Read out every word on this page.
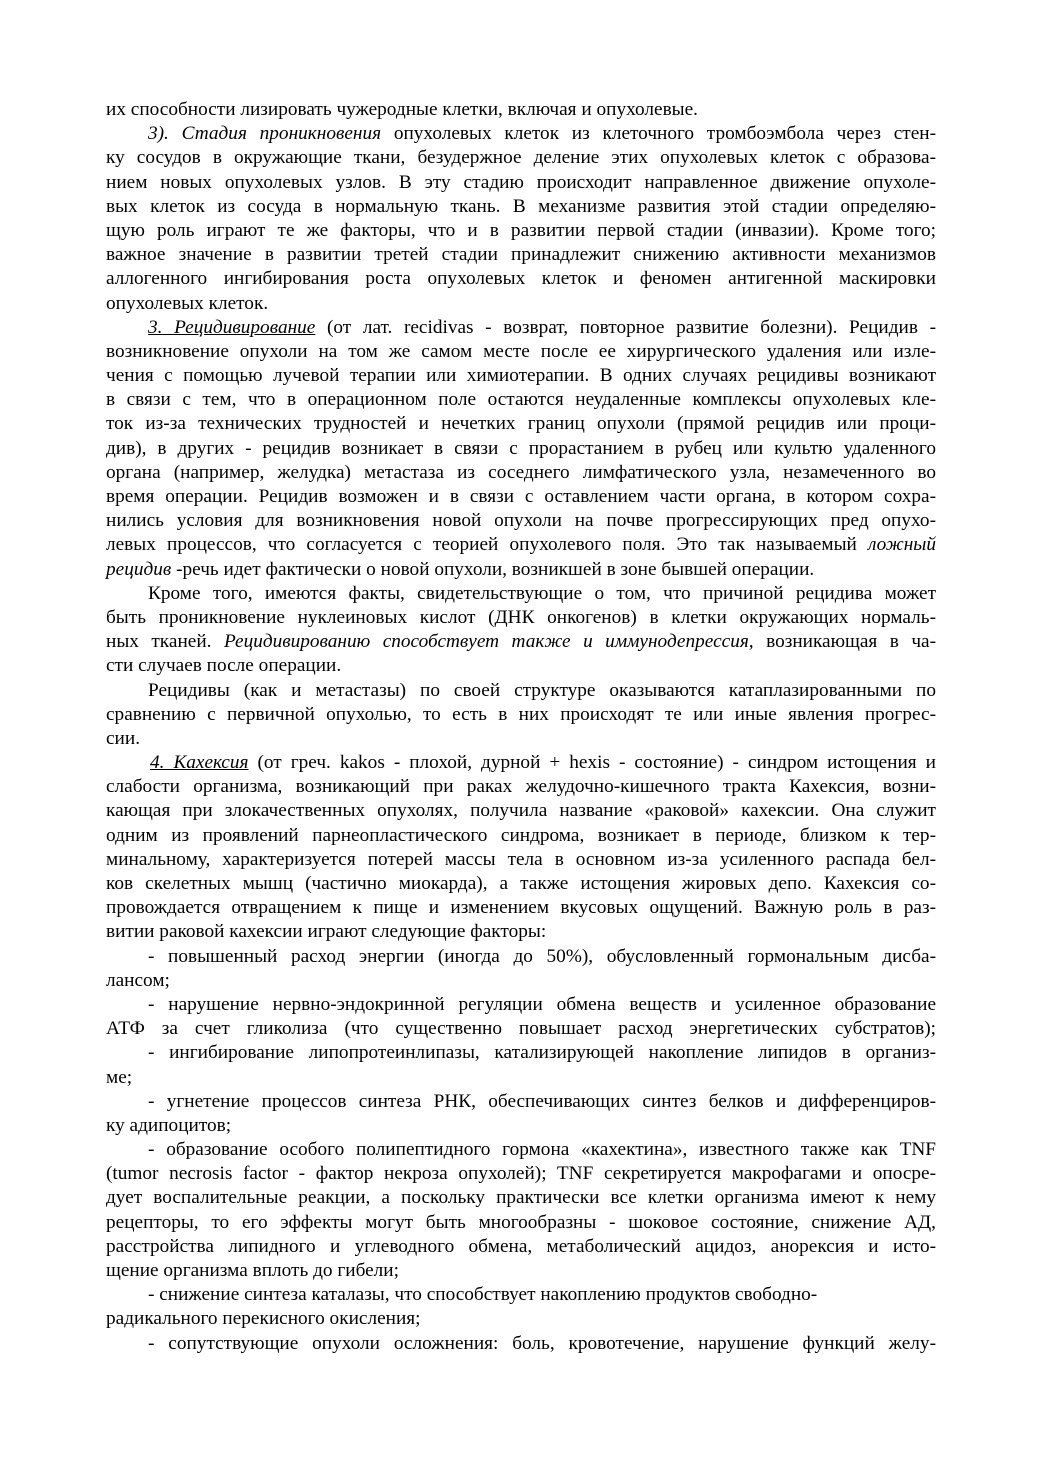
их способности лизировать чужеродные клетки, включая и опухолевые.
3). Стадия проникновения опухолевых клеток из клеточного тромбоэмбола через стен-
ку сосудов в окружающие ткани, безудержное деление этих опухолевых клеток с образова-
нием новых опухолевых узлов. В эту стадию происходит направленное движение опухоле-
вых клеток из сосуда в нормальную ткань. В механизме развития этой стадии определяю-
щую роль играют те же факторы, что и в развитии первой стадии (инвазии). Кроме того;
важное значение в развитии третей стадии принадлежит снижению активности механизмов
аллогенного ингибирования роста опухолевых клеток и феномен антигенной маскировки
опухолевых клеток.
3. Рецидивирование (от лат. recidivas - возврат, повторное развитие болезни). Рецидив -
возникновение опухоли на том же самом месте после ее хирургического удаления или изле-
чения с помощью лучевой терапии или химиотерапии. В одних случаях рецидивы возникают
в связи с тем, что в операционном поле остаются неудаленные комплексы опухолевых кле-
ток из-за технических трудностей и нечетких границ опухоли (прямой рецидив или проци-
див), в других - рецидив возникает в связи с прорастанием в рубец или культю удаленного
органа (например, желудка) метастаза из соседнего лимфатического узла, незамеченного во
время операции. Рецидив возможен и в связи с оставлением части органа, в котором сохра-
нились условия для возникновения новой опухоли на почве прогрессирующих пред опухо-
левых процессов, что согласуется с теорией опухолевого поля. Это так называемый ложный
рецидив -речь идет фактически о новой опухоли, возникшей в зоне бывшей операции.
Кроме того, имеются факты, свидетельствующие о том, что причиной рецидива может
быть проникновение нуклеиновых кислот (ДНК онкогенов) в клетки окружающих нормаль-
ных тканей. Рецидивированию способствует также и иммунодепрессия, возникающая в ча-
сти случаев после операции.
Рецидивы (как и метастазы) по своей структуре оказываются катаплазированными по
сравнению с первичной опухолью, то есть в них происходят те или иные явления прогрес-
сии.
4. Кахексия (от греч. kakos - плохой, дурной + hexis - состояние) - синдром истощения и
слабости организма, возникающий при раках желудочно-кишечного тракта Кахексия, возни-
кающая при злокачественных опухолях, получила название «раковой» кахексии. Она служит
одним из проявлений парнеопластического синдрома, возникает в периоде, близком к тер-
минальному, характеризуется потерей массы тела в основном из-за усиленного распада бел-
ков скелетных мышц (частично миокарда), а также истощения жировых депо. Кахексия со-
провождается отвращением к пище и изменением вкусовых ощущений. Важную роль в раз-
витии раковой кахексии играют следующие факторы:
- повышенный расход энергии (иногда до 50%), обусловленный гормональным дисба-
лансом;
- нарушение нервно-эндокринной регуляции обмена веществ и усиленное образование
АТФ за счет гликолиза (что существенно повышает расход энергетических субстратов);
- ингибирование липопротеинлипазы, катализирующей накопление липидов в организ-
ме;
- угнетение процессов синтеза РНК, обеспечивающих синтез белков и дифференциров-
ку адипоцитов;
- образование особого полипептидного гормона «кахектина», известного также как TNF
(tumor necrosis factor - фактор некроза опухолей); TNF секретируется макрофагами и опосре-
дует воспалительные реакции, а поскольку практически все клетки организма имеют к нему
рецепторы, то его эффекты могут быть многообразны - шоковое состояние, снижение АД,
расстройства липидного и углеводного обмена, метаболический ацидоз, анорексия и исто-
щение организма вплоть до гибели;
- снижение синтеза каталазы, что способствует накоплению продуктов свободно-
радикального перекисного окисления;
- сопутствующие опухоли осложнения: боль, кровотечение, нарушение функций желу-
